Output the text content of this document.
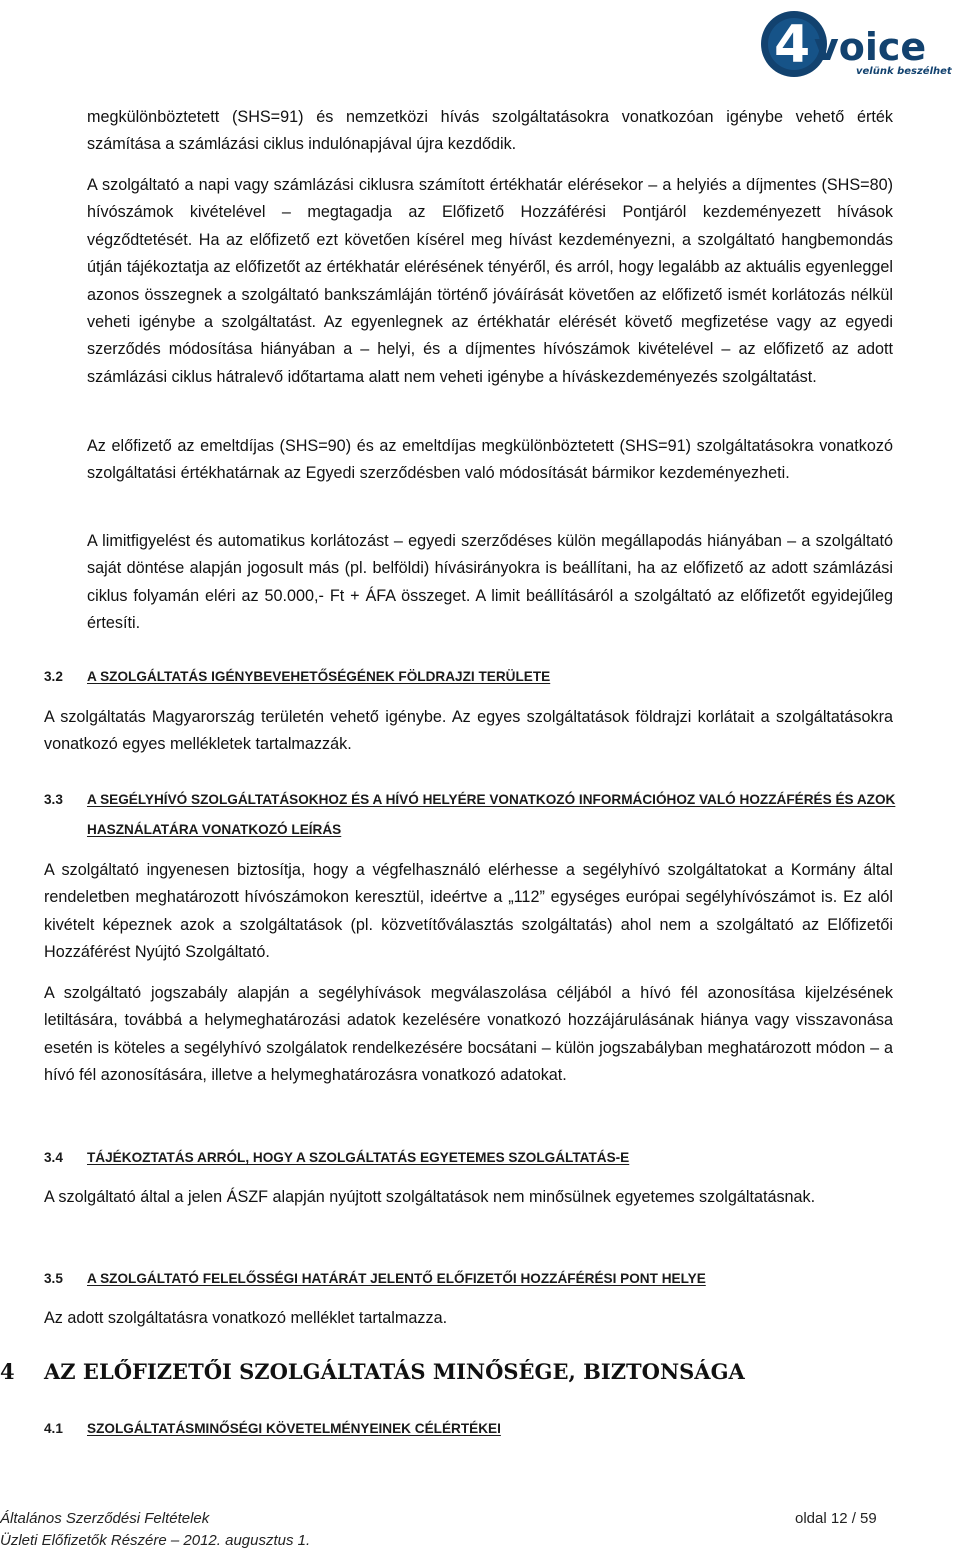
4 voice
velünk beszélhet

megkülönböztetett (SHS=91) és nemzetközi hívás szolgáltatásokra vonatkozóan igénybe vehető érték számítása a számlázási ciklus indulónapjával újra kezdődik.

A szolgáltató a napi vagy számlázási ciklusra számított értékhatár elérésekor – a helyiés a díjmentes (SHS=80) hívószámok kivételével – megtagadja az Előfizető Hozzáférési Pontjáról kezdeményezett hívások végződtetését. Ha az előfizető ezt követően kísérel meg hívást kezdeményezni, a szolgáltató hangbemondás útján tájékoztatja az előfizetőt az értékhatár elérésének tényéről, és arról, hogy legalább az aktuális egyenleggel azonos összegnek a szolgáltató bankszámláján történő jóváírását követően az előfizető ismét korlátozás nélkül veheti igénybe a szolgáltatást. Az egyenlegnek az értékhatár elérését követő megfizetése vagy az egyedi szerződés módosítása hiányában a – helyi, és a díjmentes hívószámok kivételével – az előfizető az adott számlázási ciklus hátralevő időtartama alatt nem veheti igénybe a híváskezdeményezés szolgáltatást.

Az előfizető az emeltdíjas (SHS=90) és az emeltdíjas megkülönböztetett (SHS=91) szolgáltatásokra vonatkozó szolgáltatási értékhatárnak az Egyedi szerződésben való módosítását bármikor kezdeményezheti.

A limitfigyelést és automatikus korlátozást – egyedi szerződéses külön megállapodás hiányában – a szolgáltató saját döntése alapján jogosult más (pl. belföldi) hívásirányokra is beállítani, ha az előfizető az adott számlázási ciklus folyamán eléri az 50.000,- Ft + ÁFA összeget. A limit beállításáról a szolgáltató az előfizetőt egyidejűleg értesíti.

3.2 A SZOLGÁLTATÁS IGÉNYBEVEHETŐSÉGÉNEK FÖLDRAJZI TERÜLETE

A szolgáltatás Magyarország területén vehető igénybe. Az egyes szolgáltatások földrajzi korlátait a szolgáltatásokra vonatkozó egyes mellékletek tartalmazzák.

3.3 A SEGÉLYHÍVÓ SZOLGÁLTATÁSOKHOZ ÉS A HÍVÓ HELYÉRE VONATKOZÓ INFORMÁCIÓHOZ VALÓ HOZZÁFÉRÉS ÉS AZOK HASZNÁLATÁRA VONATKOZÓ LEÍRÁS

A szolgáltató ingyenesen biztosítja, hogy a végfelhasználó elérhesse a segélyhívó szolgáltatokat a Kormány által rendeletben meghatározott hívószámokon keresztül, ideértve a „112” egységes európai segélyhívószámot is. Ez alól kivételt képeznek azok a szolgáltatások (pl. közvetítőválasztás szolgáltatás) ahol nem a szolgáltató az Előfizetői Hozzáférést Nyújtó Szolgáltató.

A szolgáltató jogszabály alapján a segélyhívások megválaszolása céljából a hívó fél azonosítása kijelzésének letiltására, továbbá a helymeghatározási adatok kezelésére vonatkozó hozzájárulásának hiánya vagy visszavonása esetén is köteles a segélyhívó szolgálatok rendelkezésére bocsátani – külön jogszabályban meghatározott módon – a hívó fél azonosítására, illetve a helymeghatározásra vonatkozó adatokat.

3.4 TÁJÉKOZTATÁS ARRÓL, HOGY A SZOLGÁLTATÁS EGYETEMES SZOLGÁLTATÁS-E

A szolgáltató által a jelen ÁSZF alapján nyújtott szolgáltatások nem minősülnek egyetemes szolgáltatásnak.

3.5 A SZOLGÁLTATÓ FELELŐSSÉGI HATÁRÁT JELENTŐ ELŐFIZETŐI HOZZÁFÉRÉSI PONT HELYE

Az adott szolgáltatásra vonatkozó melléklet tartalmazza.

4 AZ ELŐFIZETŐI SZOLGÁLTATÁS MINŐSÉGE, BIZTONSÁGA
4.1 SZOLGÁLTATÁSMINŐSÉGI KÖVETELMÉNYEINEK CÉLÉRTÉKEI
Általános Szerződési Feltételek
Üzleti Előfizetők Részére – 2012. augusztus 1.
oldal 12 / 59
